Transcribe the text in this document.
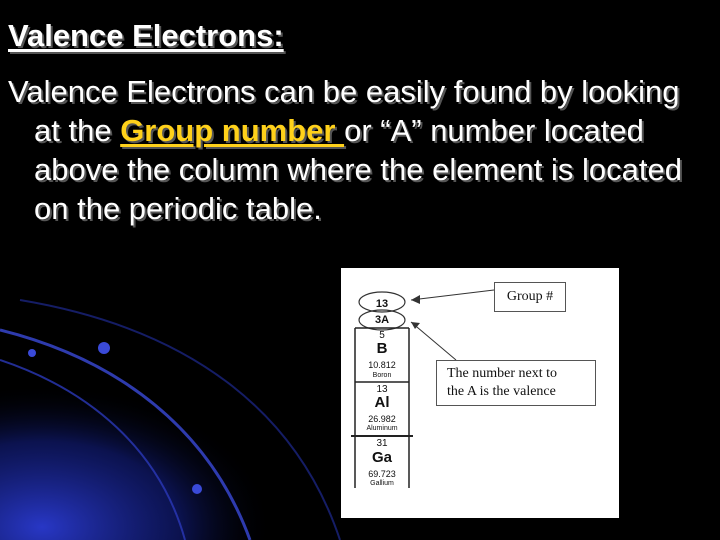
Valence Electrons:

Valence Electrons can be easily found by looking at the Group number or “A” number located above the column where the element is located on the periodic table.

13
3A
5
B
10.812
Boron
13
Al
26.982
Aluminum
31
Ga
69.723
Gallium
Group #
The number next to
the A is the valence
